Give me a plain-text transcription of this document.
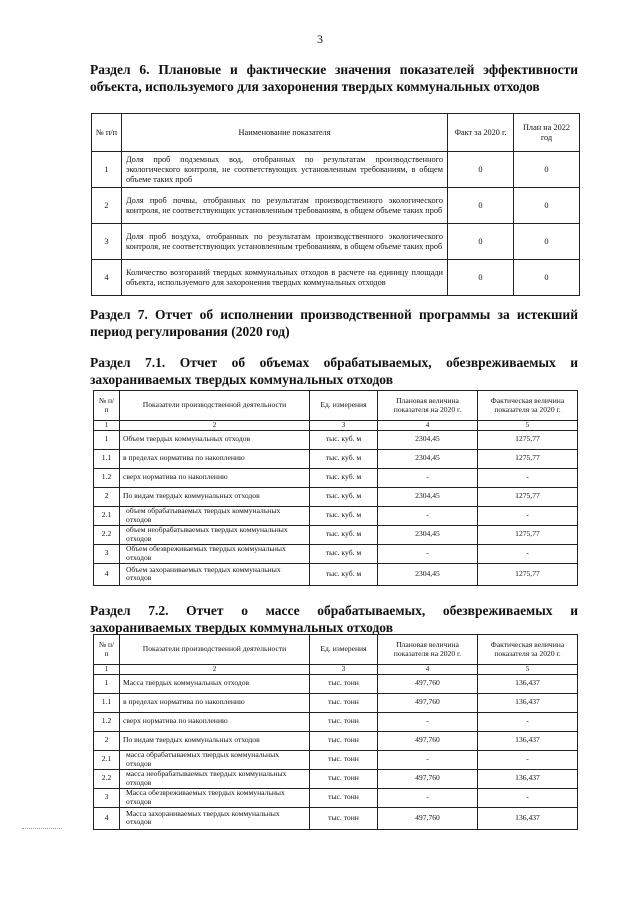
3
Раздел 6. Плановые и фактические значения показателей эффективности объекта, используемого для захоронения твердых коммунальных отходов
№ п/п	Наименование показателя	Факт за 2020 г.	План на 2022 год
1	Доля проб подземных вод, отобранных по результатам производственного экологического контроля, не соответствующих установленным требованиям, в общем объеме таких проб	0	0
2	Доля проб почвы, отобранных по результатам производственного экологического контроля, не соответствующих установленным требованиям, в общем объеме таких проб	0	0
3	Доля проб воздуха, отобранных по результатам производственного экологического контроля, не соответствующих установленным требованиям, в общем объеме таких проб	0	0
4	Количество возгораний твердых коммунальных отходов в расчете на единицу площади объекта, используемого для захоронения твердых коммунальных отходов	0	0
Раздел 7. Отчет об исполнении производственной программы за истекший период регулирования (2020 год)
Раздел 7.1. Отчет об объемах обрабатываемых, обезвреживаемых и захораниваемых твердых коммунальных отходов
№ п/п	Показатели производственной деятельности	Ед. измерения	Плановая величина показателя на 2020 г.	Фактическая величина показателя за 2020 г.
1	2	3	4	5
1	Объем твердых коммунальных отходов	тыс. куб. м	2304,45	1275,77
1.1	в пределах норматива по накоплению	тыс. куб. м	2304,45	1275,77
1.2	сверх норматива по накоплению	тыс. куб. м	-	-
2	По видам твердых коммунальных отходов	тыс. куб. м	2304,45	1275,77
2.1	объем обрабатываемых твердых коммунальных отходов	тыс. куб. м	-	-
2.2	объем необрабатываемых твердых коммунальных отходов	тыс. куб. м	2304,45	1275,77
3	Объем обезвреживаемых твердых коммунальных отходов	тыс. куб. м	-	-
4	Объем захораниваемых твердых коммунальных отходов	тыс. куб. м	2304,45	1275,77
Раздел 7.2. Отчет о массе обрабатываемых, обезвреживаемых и захораниваемых твердых коммунальных отходов
№ п/п	Показатели производственной деятельности	Ед. измерения	Плановая величина показателя на 2020 г.	Фактическая величина показателя за 2020 г.
1	2	3	4	5
1	Масса твердых коммунальных отходов	тыс. тонн	497,760	136,437
1.1	в пределах норматива по накоплению	тыс. тонн	497,760	136,437
1.2	сверх норматива по накоплению	тыс. тонн	-	-
2	По видам твердых коммунальных отходов	тыс. тонн	497,760	136,437
2.1	масса обрабатываемых твердых коммунальных отходов	тыс. тонн	-	-
2.2	масса необрабатываемых твердых коммунальных отходов	тыс. тонн	497,760	136,437
3	Масса обезвреживаемых твердых коммунальных отходов	тыс. тонн	-	-
4	Масса захораниваемых твердых коммунальных отходов	тыс. тонн	497,760	136,437
